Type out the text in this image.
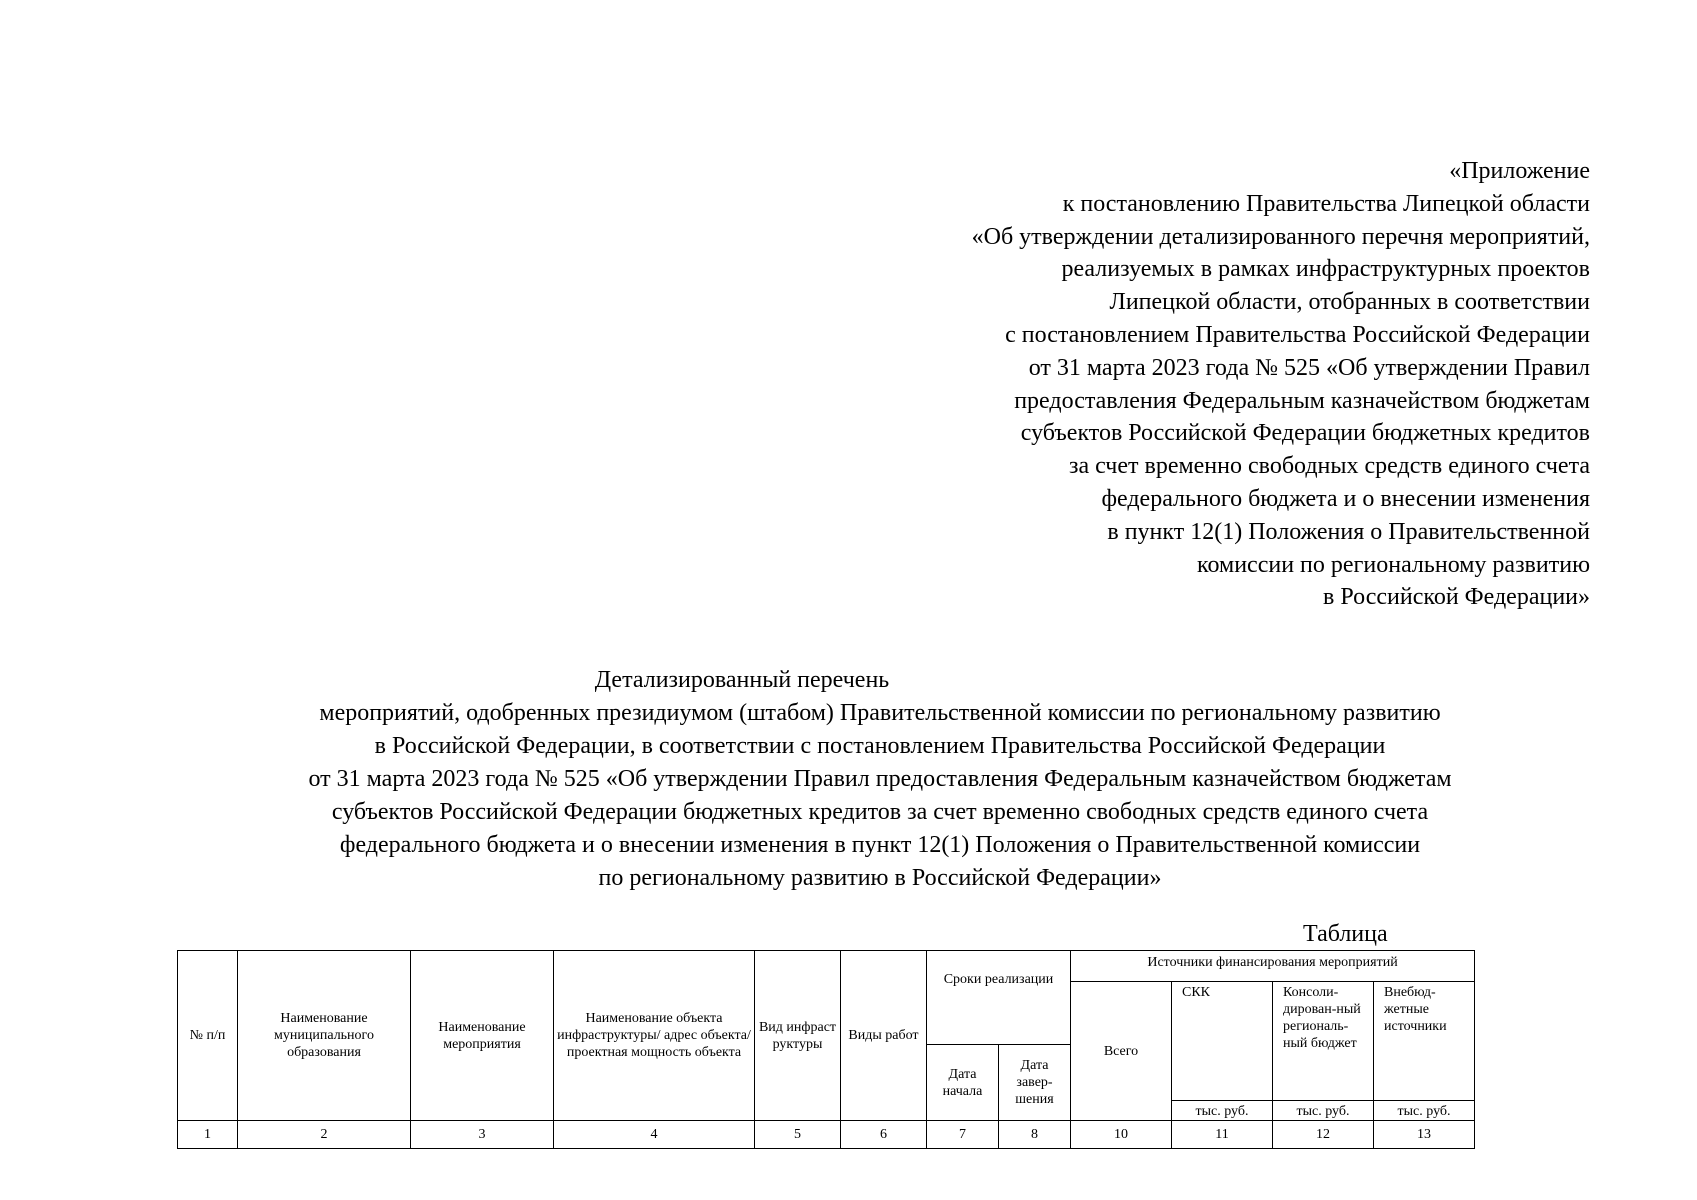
«Приложение
к постановлению Правительства Липецкой области
«Об утверждении детализированного перечня мероприятий,
реализуемых в рамках инфраструктурных проектов
Липецкой области, отобранных в соответствии
с постановлением Правительства Российской Федерации
от 31 марта 2023 года № 525 «Об утверждении Правил
предоставления Федеральным казначейством бюджетам
субъектов Российской Федерации бюджетных кредитов
за счет временно свободных средств единого счета
федерального бюджета и о внесении изменения
в пункт 12(1) Положения о Правительственной
комиссии по региональному развитию
в Российской Федерации»
Детализированный перечень
мероприятий, одобренных президиумом (штабом) Правительственной комиссии по региональному развитию
в Российской Федерации, в соответствии с постановлением Правительства Российской Федерации
от 31 марта 2023 года № 525 «Об утверждении Правил предоставления Федеральным казначейством бюджетам
субъектов Российской Федерации бюджетных кредитов за счет временно свободных средств единого счета
федерального бюджета и о внесении изменения в пункт 12(1) Положения о Правительственной комиссии
по региональному развитию в Российской Федерации»
Таблица
№ п/п	Наименование муниципального образования	Наименование мероприятия	Наименование объекта инфраструктуры/ адрес объекта/ проектная мощность объекта	Вид инфраст руктуры	Виды работ	Сроки реализации		Источники финансирования мероприятий			
								Всего	СКК	Консоли-дирован-ный региональ-ный бюджет	Внебюд-жетные источники
						Дата начала	Дата завер-шения				
									тыс. руб.	тыс. руб.	тыс. руб.
1	2	3	4	5	6	7	8	10	11	12	13
